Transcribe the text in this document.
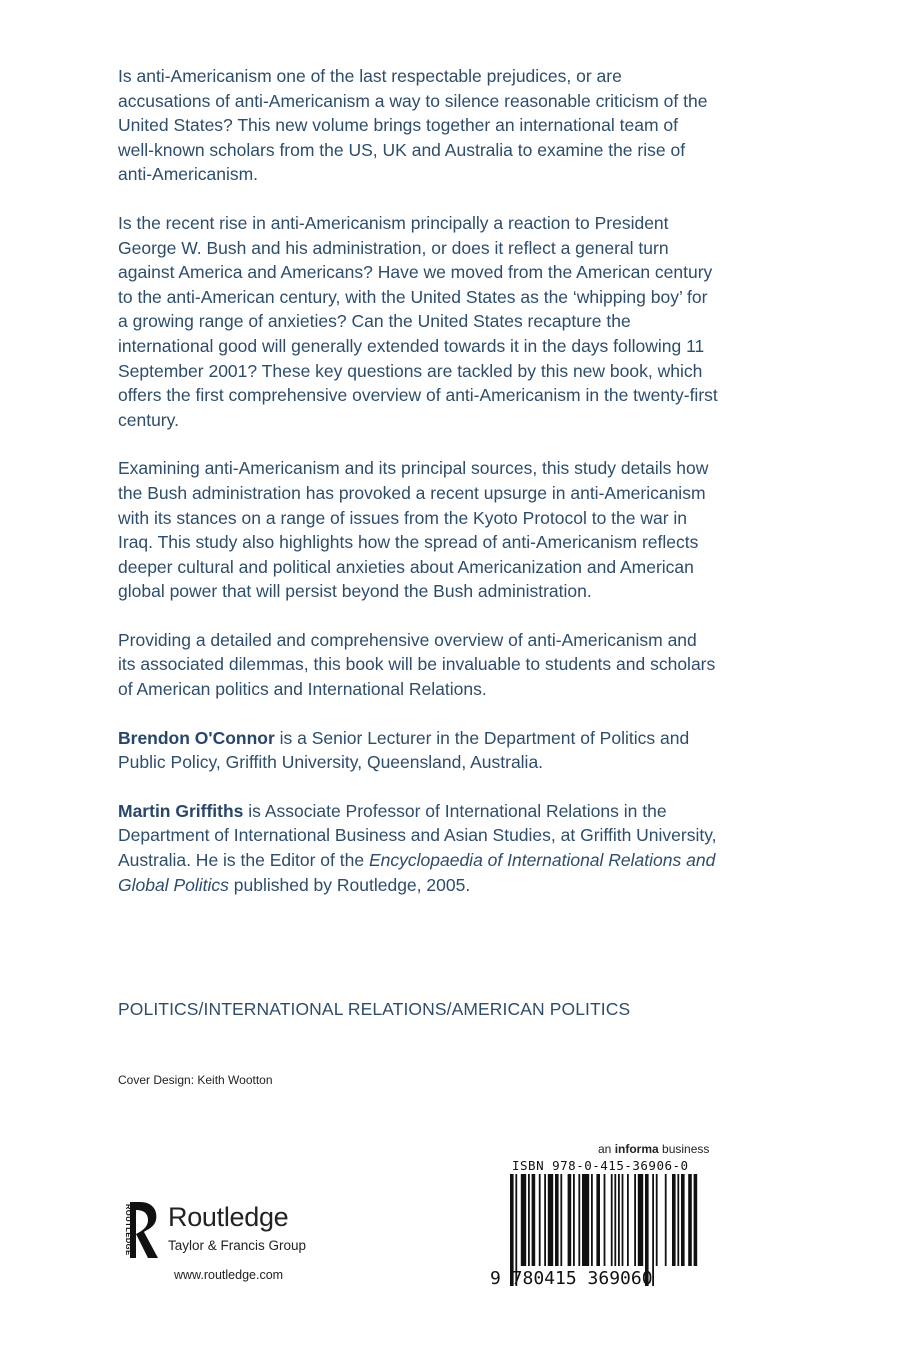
Is anti-Americanism one of the last respectable prejudices, or are accusations of anti-Americanism a way to silence reasonable criticism of the United States? This new volume brings together an international team of well-known scholars from the US, UK and Australia to examine the rise of anti-Americanism.

Is the recent rise in anti-Americanism principally a reaction to President George W. Bush and his administration, or does it reflect a general turn against America and Americans? Have we moved from the American century to the anti-American century, with the United States as the ‘whipping boy’ for a growing range of anxieties? Can the United States recapture the international good will generally extended towards it in the days following 11 September 2001? These key questions are tackled by this new book, which offers the first comprehensive overview of anti-Americanism in the twenty-first century.

Examining anti-Americanism and its principal sources, this study details how the Bush administration has provoked a recent upsurge in anti-Americanism with its stances on a range of issues from the Kyoto Protocol to the war in Iraq. This study also highlights how the spread of anti-Americanism reflects deeper cultural and political anxieties about Americanization and American global power that will persist beyond the Bush administration.

Providing a detailed and comprehensive overview of anti-Americanism and its associated dilemmas, this book will be invaluable to students and scholars of American politics and International Relations.

Brendon O'Connor is a Senior Lecturer in the Department of Politics and Public Policy, Griffith University, Queensland, Australia.

Martin Griffiths is Associate Professor of International Relations in the Department of International Business and Asian Studies, at Griffith University, Australia. He is the Editor of the Encyclopaedia of International Relations and Global Politics published by Routledge, 2005.

POLITICS/INTERNATIONAL RELATIONS/AMERICAN POLITICS
Cover Design: Keith Wootton
ROUTLEDGE Routledge
Taylor & Francis Group
www.routledge.com
an informa business
ISBN 978-0-415-36906-0
9 780415 369060
